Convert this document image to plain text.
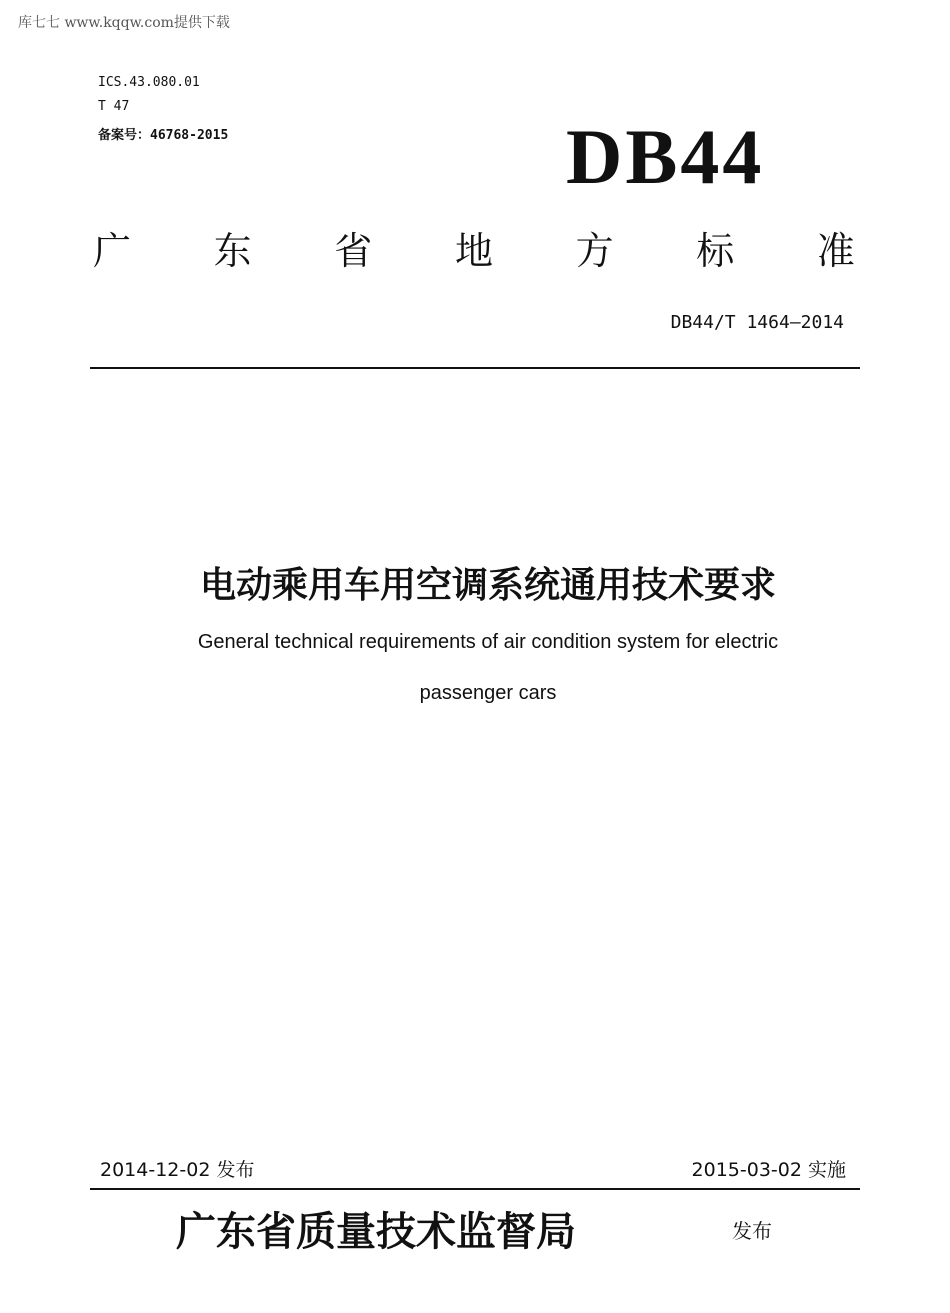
库七七 www.kqqw.com提供下载
ICS.43.080.01
T 47
备案号：46768-2015	DB44
广 东 省 地 方 标 准
DB44/T 1464—2014
电动乘用车用空调系统通用技术要求
General technical requirements of air condition system for electric
passenger cars
2014-12-02 发布	2015-03-02 实施
广东省质量技术监督局	发布
